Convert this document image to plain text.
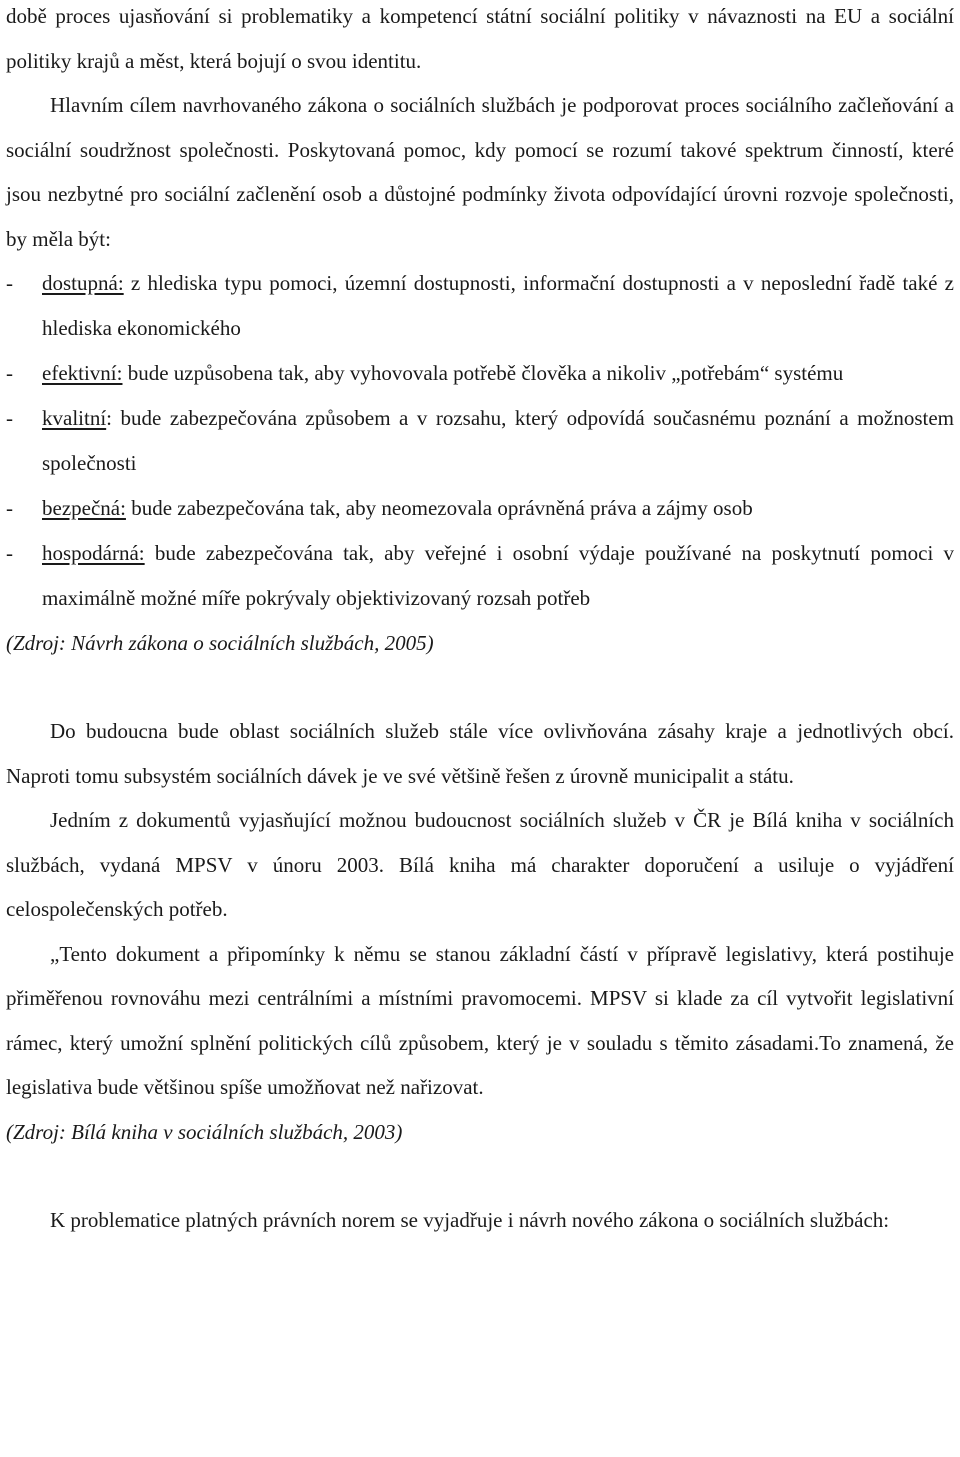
době proces ujasňování si problematiky a kompetencí státní sociální politiky v návaznosti na EU a sociální politiky krajů a měst, která bojují o svou identitu.

Hlavním cílem navrhovaného zákona o sociálních službách je podporovat proces sociálního začleňování a sociální soudržnost společnosti. Poskytovaná pomoc, kdy pomocí se rozumí takové spektrum činností, které jsou nezbytné pro sociální začlenění osob a důstojné podmínky života odpovídající úrovni rozvoje společnosti, by měla být:

- dostupná: z hlediska typu pomoci, územní dostupnosti, informační dostupnosti a v neposlední řadě také z hlediska ekonomického
- efektivní: bude uzpůsobena tak, aby vyhovovala potřebě člověka a nikoliv „potřebám“ systému
- kvalitní: bude zabezpečována způsobem a v rozsahu, který odpovídá současnému poznání a možnostem společnosti
- bezpečná: bude zabezpečována tak, aby neomezovala oprávněná práva a zájmy osob
- hospodárná: bude zabezpečována tak, aby veřejné i osobní výdaje používané na poskytnutí pomoci v maximálně možné míře pokrývaly objektivizovaný rozsah potřeb

(Zdroj: Návrh zákona o sociálních službách, 2005)

Do budoucna bude oblast sociálních služeb stále více ovlivňována zásahy kraje a jednotlivých obcí. Naproti tomu subsystém sociálních dávek je ve své většině řešen z úrovně municipalit a státu.

Jedním z dokumentů vyjasňující možnou budoucnost sociálních služeb v ČR je Bílá kniha v sociálních službách, vydaná MPSV v únoru 2003. Bílá kniha má charakter doporučení a usiluje o vyjádření celospolečenských potřeb.

„Tento dokument a připomínky k němu se stanou základní částí v přípravě legislativy, která postihuje přiměřenou rovnováhu mezi centrálními a místními pravomocemi. MPSV si klade za cíl vytvořit legislativní rámec, který umožní splnění politických cílů způsobem, který je v souladu s těmito zásadami.To znamená, že legislativa bude většinou spíše umožňovat než nařizovat.

(Zdroj: Bílá kniha v sociálních službách, 2003)

K problematice platných právních norem se vyjadřuje i návrh nového zákona o sociálních službách:
